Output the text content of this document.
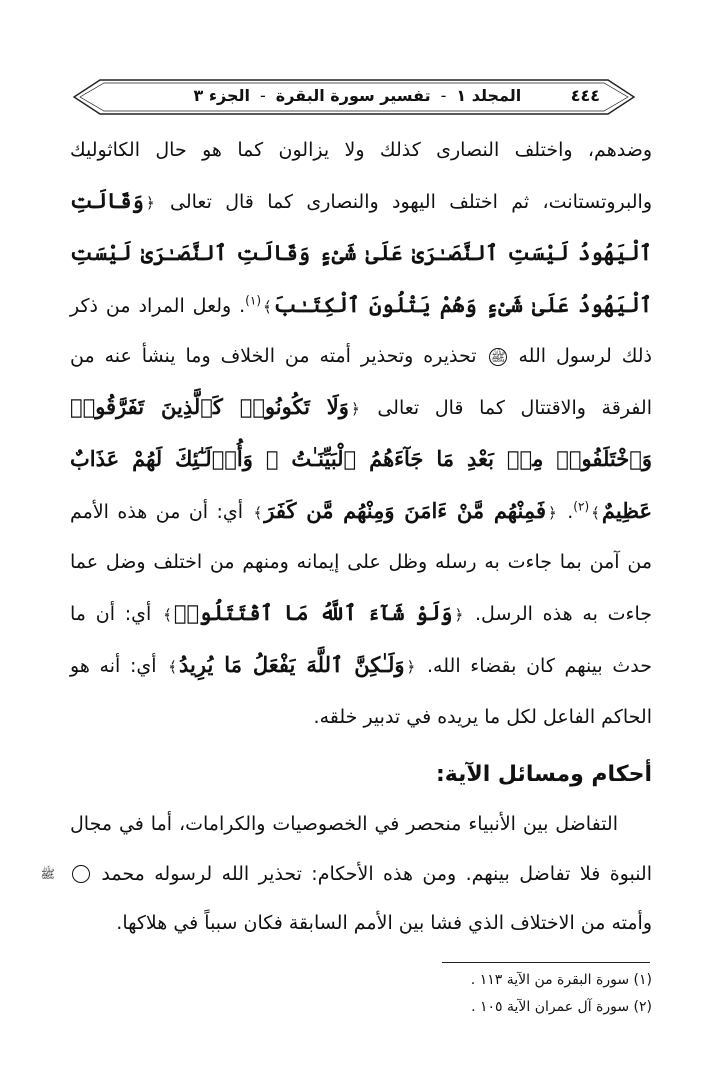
٤٤٤
المجلد ١
-
تفسير سورة البقرة
-
الجزء ٣

وضدهم، واختلف النصارى كذلك ولا يزالون كما هو حال الكاثوليك والبروتستانت، ثم اختلف اليهود والنصارى كما قال تعالى ﴿وَقَالَتِ ٱلْيَهُودُ لَيْسَتِ ٱلنَّصَـٰرَىٰ عَلَىٰ شَىْءٍ وَقَالَتِ ٱلنَّصَـٰرَىٰ لَيْسَتِ ٱلْيَهُودُ عَلَىٰ شَىْءٍ وَهُمْ يَتْلُونَ ٱلْكِتَـٰبَ﴾$^{(١)}$. ولعل المراد من ذكر ذلك لرسول الله ﷺ تحذيره وتحذير أمته من الخلاف وما ينشأ عنه من الفرقة والاقتتال كما قال تعالى ﴿وَلَا تَكُونُوا۟ كَٱلَّذِينَ تَفَرَّقُوا۟ وَٱخْتَلَفُوا۟ مِنۢ بَعْدِ مَا جَآءَهُمُ ٱلْبَيِّنَـٰتُ ۚ وَأُو۟لَـٰٓئِكَ لَهُمْ عَذَابٌ عَظِيمٌ﴾$^{(٢)}$. ﴿فَمِنْهُم مَّنْ ءَامَنَ وَمِنْهُم مَّن كَفَرَ﴾ أي: أن من هذه الأمم من آمن بما جاءت به رسله وظل على إيمانه ومنهم من اختلف وضل عما جاءت به هذه الرسل. ﴿وَلَوْ شَآءَ ٱللَّهُ مَا ٱقْتَتَلُوا۟﴾ أي: أن ما حدث بينهم كان بقضاء الله. ﴿وَلَـٰكِنَّ ٱللَّهَ يَفْعَلُ مَا يُرِيدُ﴾ أي: أنه هو الحاكم الفاعل لكل ما يريده في تدبير خلقه.

أحكام ومسائل الآية:

التفاضل بين الأنبياء منحصر في الخصوصيات والكرامات، أما في مجال النبوة فلا تفاضل بينهم. ومن هذه الأحكام: تحذير الله لرسوله محمد ﷺ وأمته من الاختلاف الذي فشا بين الأمم السابقة فكان سبباً في هلاكها.

(١) سورة البقرة من الآية ١١٣ .

(٢) سورة آل عمران الآية ١٠٥ .
